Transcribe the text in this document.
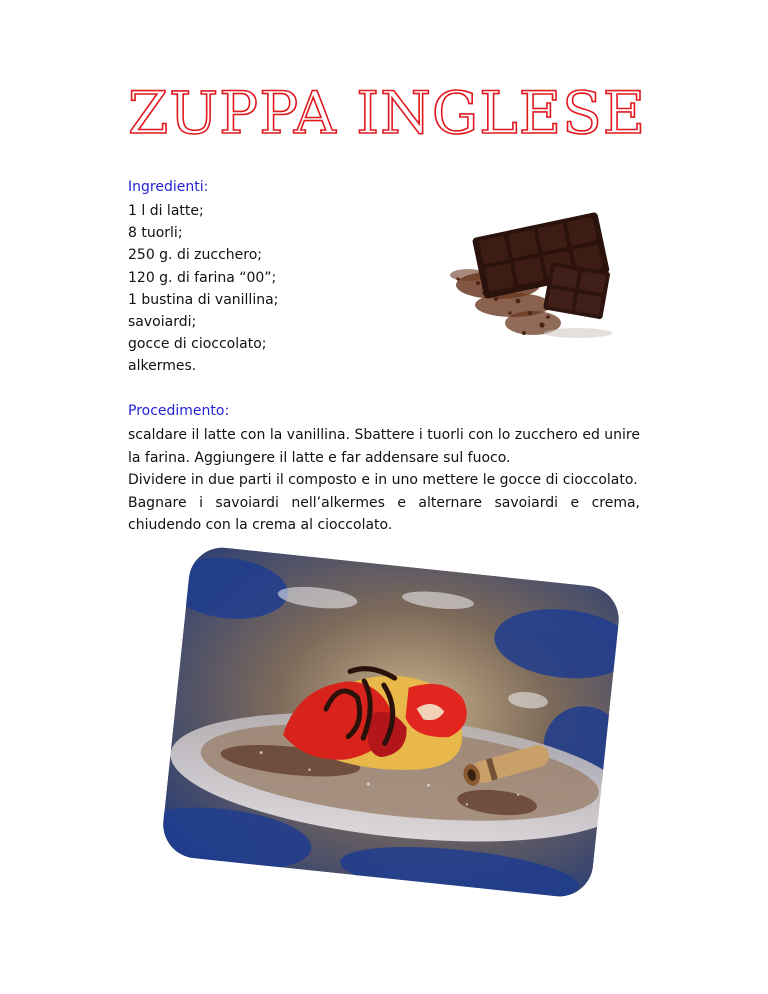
ZUPPA INGLESE
Ingredienti:
1 l di latte;
8 tuorli;
250 g. di zucchero;
120 g. di farina “00”;
1 bustina di vanillina;
savoiardi;
gocce di cioccolato;
alkermes.
Procedimento:

scaldare il latte con la vanillina. Sbattere i tuorli con lo zucchero ed unire la farina. Aggiungere il latte e far addensare sul fuoco.

Dividere in due parti il composto e in uno mettere le gocce di cioccolato.

Bagnare i savoiardi nell’alkermes e alternare savoiardi e crema, chiudendo con la crema al cioccolato.
